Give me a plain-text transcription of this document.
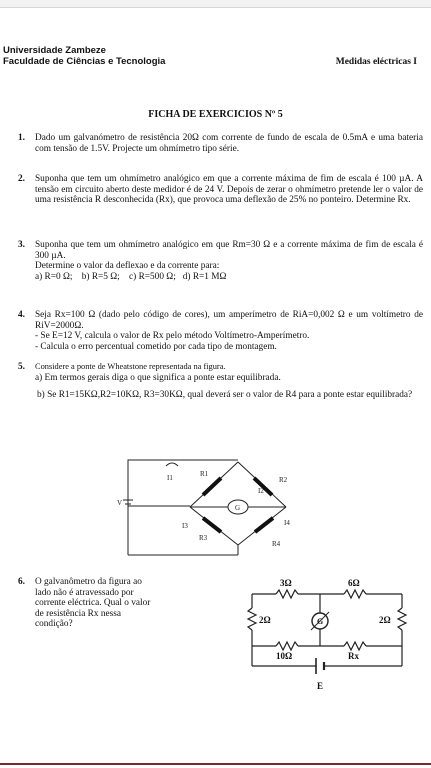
Universidade Zambeze
Faculdade de Ciências e Tecnologia	Medidas eléctricas I
FICHA DE EXERCICIOS Nº 5
1. Dado um galvanómetro de resistência 20Ω com corrente de fundo de escala de 0.5mA e uma bateria com tensão de 1.5V. Projecte um ohmímetro tipo série.
2. Suponha que tem um ohmímetro analógico em que a corrente máxima de fim de escala é 100 µA. A tensão em circuito aberto deste medidor é de 24 V. Depois de zerar o ohmímetro pretende ler o valor de uma resistência R desconhecida (Rx), que provoca uma deflexão de 25% no ponteiro. Determine Rx.
3. Suponha que tem um ohmímetro analógico em que Rm=30 Ω e a corrente máxima de fim de escala é 300 µA.
Determine o valor da deflexao e da corrente para:
a) R=0 Ω;    b) R=5 Ω;    c) R=500 Ω;   d) R=1 MΩ
4. Seja Rx=100 Ω (dado pelo código de cores), um amperímetro de RiA=0,002 Ω e um voltímetro de RiV=2000Ω.
- Se E=12 V, calcula o valor de Rx pelo método Voltímetro-Amperímetro.
- Calcula o erro percentual cometido por cada tipo de montagem.
5. Considere a ponte de Wheatstone representada na figura.
a) Em termos gerais diga o que significa a ponte estar equilibrada.
b) Se R1=15KΩ,R2=10KΩ, R3=30KΩ, qual deverá ser o valor de R4 para a ponte estar equilibrada?
I1	R1
R2
I2
V
G
I3
R3
I4
R4
6. O galvanômetro da figura ao
lado não é atravessado por
corrente eléctrica. Qual o valor
de resistência Rx nessa
condição?
3Ω	6Ω
2Ω	2Ω
G
10Ω	Rx
E
